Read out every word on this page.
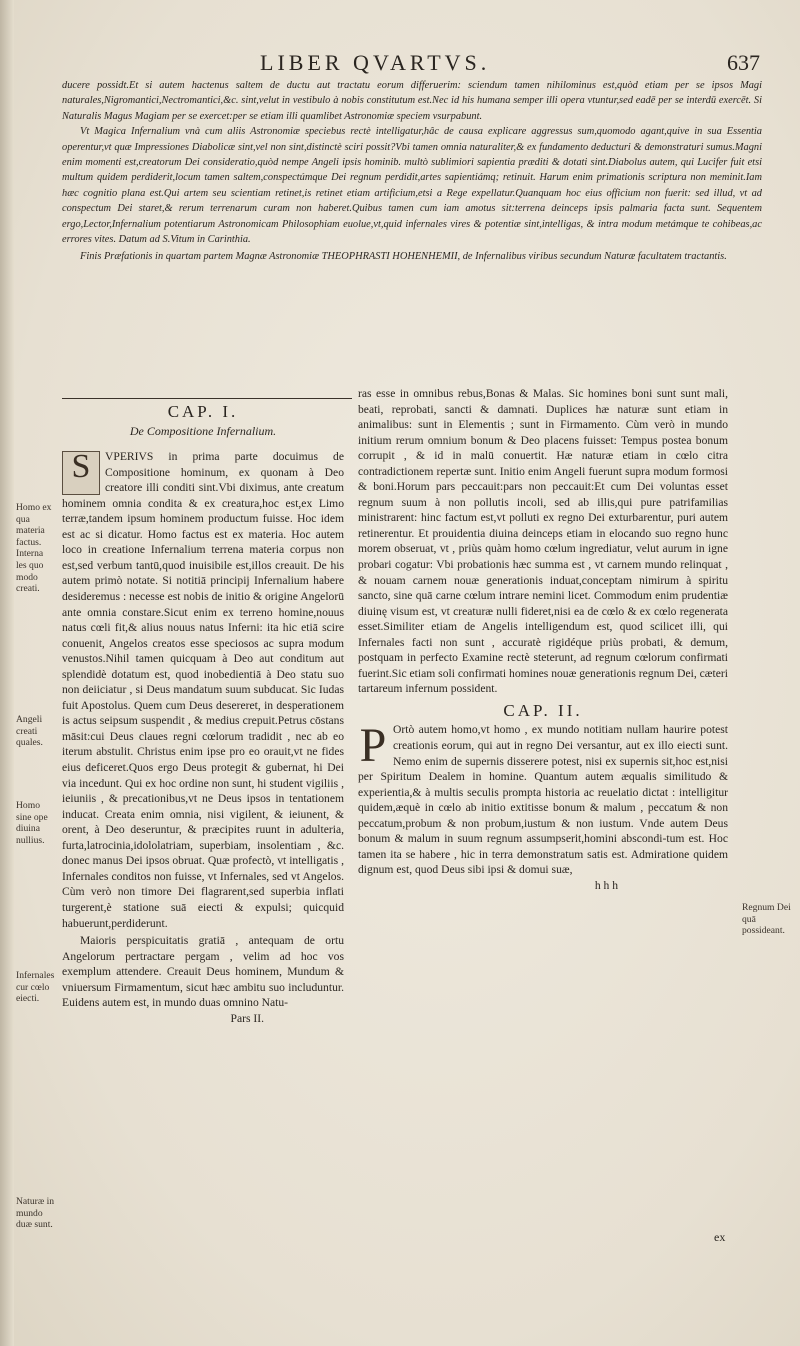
LIBER QVARTVS.	637

ducere possidt.Et si autem hactenus saltem de ductu aut tractatu eorum differuerim: sciendum tamen nihilominus est,quòd etiam per se ipsos Magi naturales,Nigromantici,Nectromantici,&c. sint,velut in vestibulo à nobis constitutum est.Nec id his humana semper illi opera vtuntur,sed eadē per se interdū exercēt. Si Naturalis Magus Magiam per se exercet:per se etiam illi quamlibet Astronomiæ speciem vsurpabunt.

Vt Magica Infernalium vnà cum aliis Astronomiæ speciebus rectè intelligatur,hâc de causa explicare aggressus sum,quomodo agant,quive in sua Essentia operentur,vt quæ Impressiones Diabolicæ sint,vel non sint,distinctè sciri possit?Vbi tamen omnia naturaliter,& ex fundamento deducturi & demonstraturi sumus.Magni enim momenti est,creatorum Dei consideratio,quòd nempe Angeli ipsis hominib. multò sublimiori sapientia præditi & dotati sint.Diabolus autem, qui Lucifer fuit etsi multum quidem perdiderit,locum tamen saltem,conspectúmque Dei regnum perdidit,artes sapientiámq; retinuit. Harum enim primationis scriptura non meminit.Iam hæc cognitio plana est.Qui artem seu scientiam retinet,is retinet etiam artificium,etsi a Rege expellatur.Quanquam hoc eius officium non fuerit: sed illud, vt ad conspectum Dei staret,& rerum terrenarum curam non haberet.Quibus tamen cum iam amotus sit:terrena deinceps ipsis palmaria facta sunt. Sequentem ergo,Lector,Infernalium potentiarum Astronomicam Philosophiam euolue,vt,quid infernales vires & potentiæ sint,intelligas, & intra modum metámque te cohibeas,ac errores vites. Datum ad S.Vitum in Carinthia.

Finis Præfationis in quartam partem Magnæ Astronomiæ THEOPHRASTI HOHENHEMII, de Infernalibus viribus secundum Naturæ facultatem tractantis.

CAP. I.
De Compositione Infernalium.

S	VPERIVS in prima parte docuimus de Compositione hominum, ex quonam à Deo creatore illi conditi sint.Vbi diximus, ante creatum hominem omnia condita & ex creatura,hoc est,ex Limo terræ,tandem ipsum hominem productum fuisse. Hoc idem est ac si dicatur. Homo factus est ex materia. Hoc autem loco in creatione Infernalium terrena materia corpus non est,sed verbum tantū,quod inuisibile est,illos creauit. De his autem primò notate. Si notitiā principij Infernalium habere desideremus : necesse est nobis de initio & origine Angelorū ante omnia constare.Sicut enim ex terreno homine,nouus natus cœli fit,& alius nouus natus Inferni: ita hic etiā scire conuenit, Angelos creatos esse speciosos ac supra modum venustos.Nihil tamen quicquam à Deo aut conditum aut splendidè dotatum est, quod inobedientiā à Deo statu suo non deiiciatur , si Deus mandatum suum subducat. Sic Iudas fuit Apostolus. Quem cum Deus desereret, in desperationem is actus seipsum suspendit , & medius crepuit.Petrus cōstans māsit:cui Deus claues regni cœlorum tradidit , nec ab eo iterum abstulit. Christus enim ipse pro eo orauit,vt ne fides eius deficeret.Quos ergo Deus protegit & gubernat, hi Dei via incedunt. Qui ex hoc ordine non sunt, hi student vigiliis , ieiuniis , & precationibus,vt ne Deus ipsos in tentationem inducat. Creata enim omnia, nisi vigilent, & ieiunent, & orent, à Deo deseruntur, & præcipites ruunt in adulteria, furta,latrocinia,idololatriam, superbiam, insolentiam , &c. donec manus Dei ipsos obruat. Quæ profectò, vt intelligatis , Infernales conditos non fuisse, vt Infernales, sed vt Angelos. Cùm verò non timore Dei flagrarent,sed superbia inflati turgerent,è statione suā eiecti & expulsi; quicquid habuerunt,perdiderunt.

Maioris perspicuitatis gratiā , antequam de ortu Angelorum pertractare pergam , velim ad hoc vos exemplum attendere. Creauit Deus hominem, Mundum & vniuersum Firmamentum, sicut hæc ambitu suo includuntur. Euidens autem est, in mundo duas omnino Natu-

Pars II.

ras esse in omnibus rebus,Bonas & Malas. Sic homines boni sunt sunt mali, beati, reprobati, sancti & damnati. Duplices hæ naturæ sunt etiam in animalibus: sunt in Elementis ; sunt in Firmamento. Cùm verò in mundo initium rerum omnium bonum & Deo placens fuisset: Tempus postea bonum corrupit , & id in malū conuertit. Hæ naturæ etiam in cœlo citra contradictionem repertæ sunt. Initio enim Angeli fuerunt supra modum formosi & boni.Horum pars peccauit:pars non peccauit:Et cum Dei voluntas esset regnum suum à non pollutis incoli, sed ab illis,qui pure patrifamilias ministrarent: hinc factum est,vt polluti ex regno Dei exturbarentur, puri autem retinerentur. Et prouidentia diuina deinceps etiam in elocando suo regno hunc morem obseruat, vt , priùs quàm homo cœlum ingrediatur, velut aurum in igne probari cogatur: Vbi probationis hæc summa est , vt carnem mundo relinquat , & nouam carnem nouæ generationis induat,conceptam nimirum à spiritu sancto, sine quā carne cœlum intrare nemini licet. Commodum enim prudentiæ diuinę visum est, vt creaturæ nulli fideret,nisi ea de cœlo & ex cœlo regenerata esset.Similiter etiam de Angelis intelligendum est, quod scilicet illi, qui Infernales facti non sunt , accuratè rigidéque priùs probati, & demum, postquam in perfecto Examine rectè steterunt, ad regnum cœlorum confirmati fuerint.Sic etiam soli confirmati homines nouæ generationis regnum Dei, cæteri tartareum infernum possident.

CAP. II.

P Ortò autem homo,vt homo , ex mundo notitiam nullam haurire potest creationis eorum, qui aut in regno Dei versantur, aut ex illo eiecti sunt. Nemo enim de supernis disserere potest, nisi ex supernis sit,hoc est,nisi per Spiritum Dealem in homine. Quantum autem æqualis similitudo & experientia,& à multis seculis prompta historia ac reuelatio dictat : intelligitur quidem,æquè in cœlo ab initio extitisse bonum & malum , peccatum & non peccatum,probum & non probum,iustum & non iustum. Vnde autem Deus bonum & malum in suum regnum assumpserit,homini abscondi-tum est. Hoc tamen ita se habere , hic in terra demonstratum satis est. Admiratione quidem dignum est, quod Deus sibi ipsi & domui suæ,

h h h

ex
Homo ex qua materia factus. Interna les quo modo creati.
Angeli creati quales.
Homo sine ope diuina nullius.
Infernales cur cœlo eiecti.
Naturæ in mundo duæ sunt.
Regnum Dei quā possideant.
